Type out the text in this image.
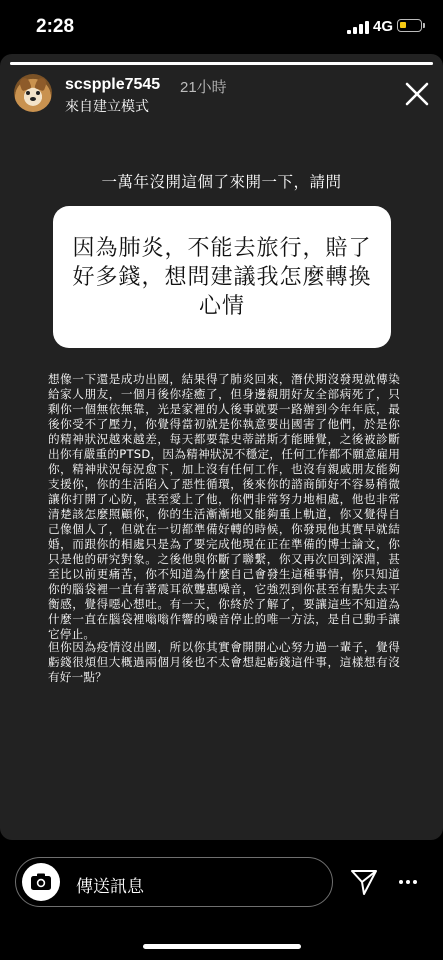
2:28	4G
scspple7545 21小時
來自建立模式
一萬年沒開這個了來開一下，請問
因為肺炎，不能去旅行，賠了好多錢，想問建議我怎麼轉換心情
想像一下還是成功出國，結果得了肺炎回來，潛伏期沒發現就傳染給家人朋友，一個月後你痊癒了，但身邊親朋好友全部病死了，只剩你一個無依無靠，光是家裡的人後事就要一路辦到今年年底，最後你受不了壓力，你覺得當初就是你執意要出國害了他們，於是你的精神狀況越來越差，每天都要靠史蒂諾斯才能睡覺，之後被診斷出你有嚴重的PTSD，因為精神狀況不穩定，任何工作都不願意雇用你，精神狀況每況愈下，加上沒有任何工作，也沒有親戚朋友能夠支援你，你的生活陷入了惡性循環，後來你的諮商師好不容易稍微讓你打開了心防，甚至愛上了他，你們非常努力地相處，他也非常清楚該怎麼照顧你，你的生活漸漸地又能夠重上軌道，你又覺得自己像個人了，但就在一切都準備好轉的時候，你發現他其實早就結婚，而跟你的相處只是為了要完成他現在正在準備的博士論文，你只是他的研究對象。之後他與你斷了聯繫，你又再次回到深淵，甚至比以前更痛苦，你不知道為什麼自己會發生這種事情，你只知道你的腦袋裡一直有著震耳欲聾惠噪音，它強烈到你甚至有點失去平衡感，覺得噁心想吐。有一天，你終於了解了，要讓這些不知道為什麼一直在腦袋裡嗡嗡作響的噪音停止的唯一方法，是自己動手讓它停止。
但你因為疫情沒出國，所以你其實會開開心心努力過一輩子，覺得虧錢很煩但大概過兩個月後也不太會想起虧錢這件事，這樣想有沒有好一點？
傳送訊息
